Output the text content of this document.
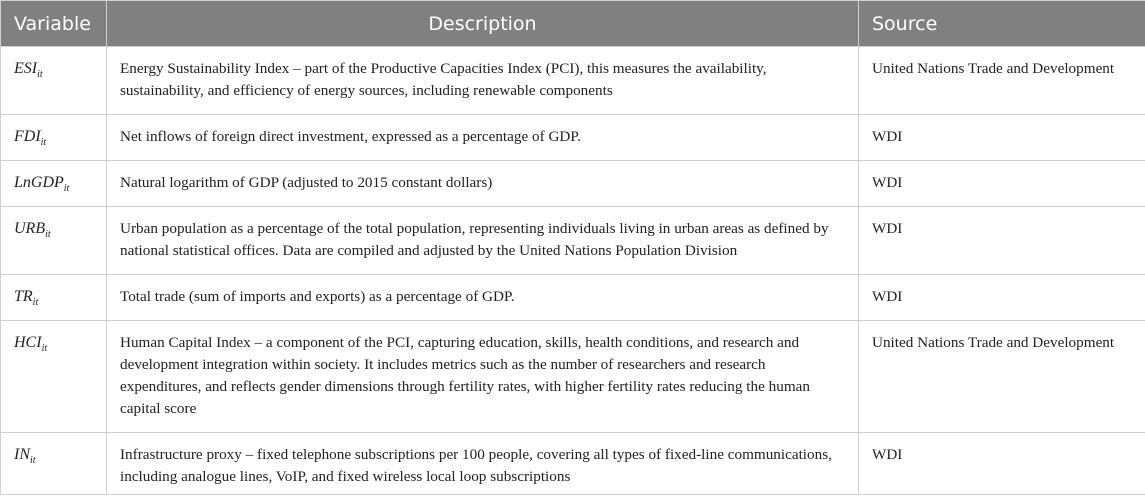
Variable	Description	Source
$ESI_{it}$	Energy Sustainability Index – part of the Productive Capacities Index (PCI), this measures the availability, sustainability, and efficiency of energy sources, including renewable components	United Nations Trade and Development
$FDI_{it}$	Net inflows of foreign direct investment, expressed as a percentage of GDP.	WDI
LnGDP$_{it}$	Natural logarithm of GDP (adjusted to 2015 constant dollars)	WDI
$URB_{it}$	Urban population as a percentage of the total population, representing individuals living in urban areas as defined by national statistical offices. Data are compiled and adjusted by the United Nations Population Division	WDI
$TR_{it}$	Total trade (sum of imports and exports) as a percentage of GDP.	WDI
$HCI_{it}$	Human Capital Index – a component of the PCI, capturing education, skills, health conditions, and research and development integration within society. It includes metrics such as the number of researchers and research expenditures, and reflects gender dimensions through fertility rates, with higher fertility rates reducing the human capital score	United Nations Trade and Development
$IN_{it}$	Infrastructure proxy – fixed telephone subscriptions per 100 people, covering all types of fixed-line communications, including analogue lines, VoIP, and fixed wireless local loop subscriptions	WDI
